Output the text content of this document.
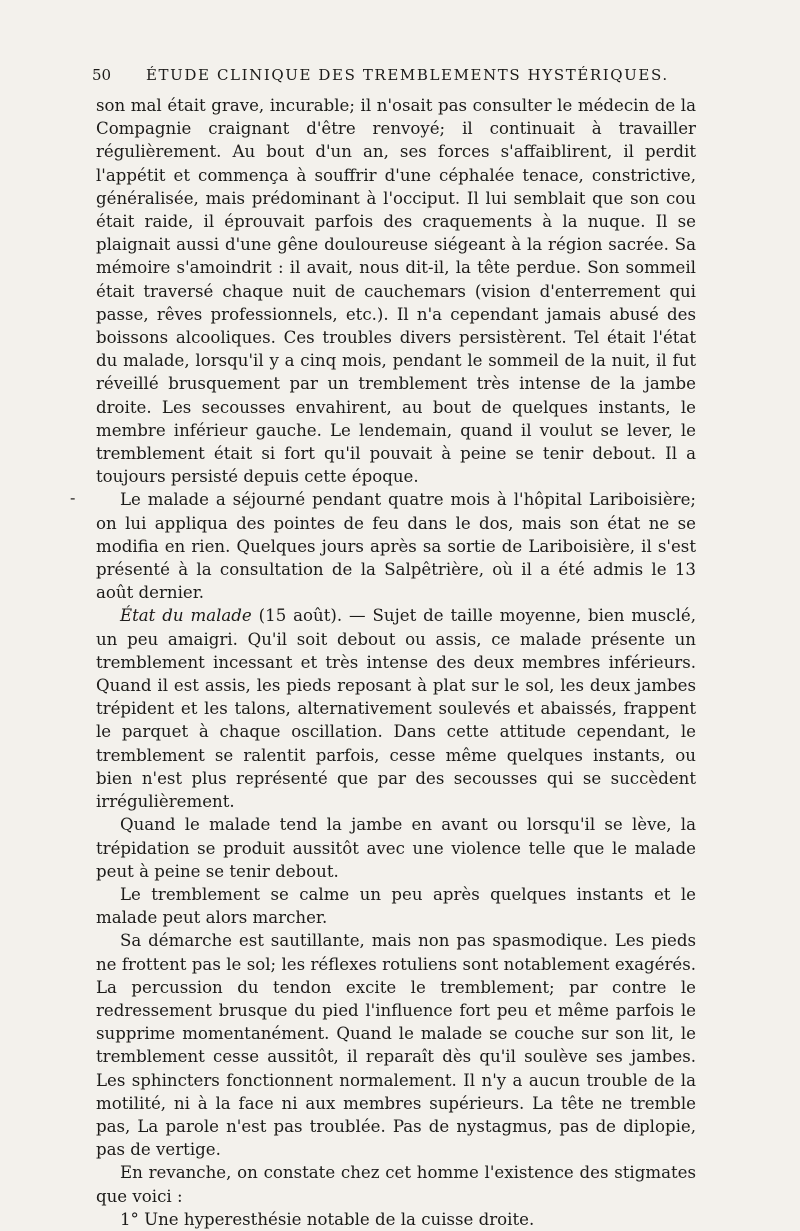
50	ÉTUDE CLINIQUE DES TREMBLEMENTS HYSTÉRIQUES.
-

son mal était grave, incurable; il n'osait pas consulter le médecin de la Compagnie craignant d'être renvoyé; il continuait à travailler régulièrement. Au bout d'un an, ses forces s'affaiblirent, il perdit l'appétit et commença à souffrir d'une céphalée tenace, constrictive, généralisée, mais prédominant à l'occiput. Il lui semblait que son cou était raide, il éprouvait parfois des craquements à la nuque. Il se plaignait aussi d'une gêne douloureuse siégeant à la région sacrée. Sa mémoire s'amoindrit : il avait, nous dit-il, la tête perdue. Son sommeil était traversé chaque nuit de cauchemars (vision d'enterrement qui passe, rêves professionnels, etc.). Il n'a cependant jamais abusé des boissons alcooliques. Ces troubles divers persistèrent. Tel était l'état du malade, lorsqu'il y a cinq mois, pendant le sommeil de la nuit, il fut réveillé brusquement par un tremblement très intense de la jambe droite. Les secousses envahirent, au bout de quelques instants, le membre inférieur gauche. Le lendemain, quand il voulut se lever, le tremblement était si fort qu'il pouvait à peine se tenir debout. Il a toujours persisté depuis cette époque.

Le malade a séjourné pendant quatre mois à l'hôpital Lariboisière; on lui appliqua des pointes de feu dans le dos, mais son état ne se modifia en rien. Quelques jours après sa sortie de Lariboisière, il s'est présenté à la consultation de la Salpêtrière, où il a été admis le 13 août dernier.

État du malade (15 août). — Sujet de taille moyenne, bien musclé, un peu amaigri. Qu'il soit debout ou assis, ce malade présente un tremblement incessant et très intense des deux membres inférieurs. Quand il est assis, les pieds reposant à plat sur le sol, les deux jambes trépident et les talons, alternativement soulevés et abaissés, frappent le parquet à chaque oscillation. Dans cette attitude cependant, le tremblement se ralentit parfois, cesse même quelques instants, ou bien n'est plus représenté que par des secousses qui se succèdent irrégulièrement.

Quand le malade tend la jambe en avant ou lorsqu'il se lève, la trépidation se produit aussitôt avec une violence telle que le malade peut à peine se tenir debout.

Le tremblement se calme un peu après quelques instants et le malade peut alors marcher.

Sa démarche est sautillante, mais non pas spasmodique. Les pieds ne frottent pas le sol; les réflexes rotuliens sont notablement exagérés. La percussion du tendon excite le tremblement; par contre le redressement brusque du pied l'influence fort peu et même parfois le supprime momentanément. Quand le malade se couche sur son lit, le tremblement cesse aussitôt, il reparaît dès qu'il soulève ses jambes. Les sphincters fonctionnent normalement. Il n'y a aucun trouble de la motilité, ni à la face ni aux membres supérieurs. La tête ne tremble pas, La parole n'est pas troublée. Pas de nystagmus, pas de diplopie, pas de vertige.

En revanche, on constate chez cet homme l'existence des stigmates que voici :

1° Une hyperesthésie notable de la cuisse droite.
